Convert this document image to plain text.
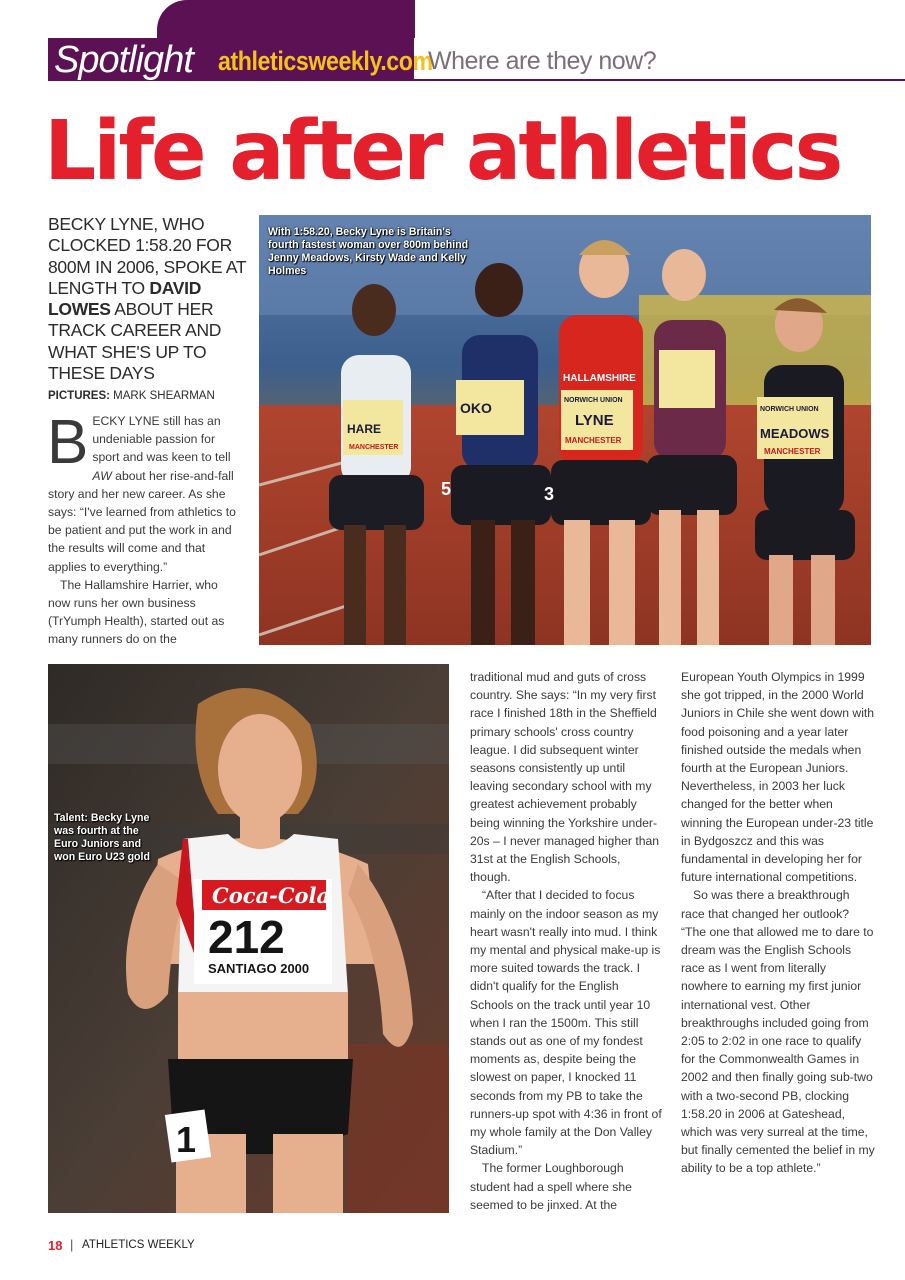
Spotlight athleticsweekly.com
Where are they now?
Life after athletics
BECKY LYNE, WHO CLOCKED 1:58.20 FOR 800M IN 2006, SPOKE AT LENGTH TO DAVID LOWES ABOUT HER TRACK CAREER AND WHAT SHE'S UP TO THESE DAYS
PICTURES: MARK SHEARMAN

BECKY LYNE still has an undeniable passion for sport and was keen to tell AW about her rise-and-fall story and her new career. As she says: “I've learned from athletics to be patient and put the work in and the results will come and that applies to everything.”

The Hallamshire Harrier, who now runs her own business (TrYumph Health), started out as many runners do on the

HARE
MANCHESTER
OKO
5
HALLAMSHIRE
NORWICH UNION
LYNE
MANCHESTER
3
NORWICH UNION
MEADOWS
MANCHESTER
With 1:58.20, Becky Lyne is Britain's fourth fastest woman over 800m behind Jenny Meadows, Kirsty Wade and Kelly Holmes
Coca-Cola
212
SANTIAGO 2000
1
Talent: Becky Lyne was fourth at the Euro Juniors and won Euro U23 gold

traditional mud and guts of cross country. She says: “In my very first race I finished 18th in the Sheffield primary schools' cross country league. I did subsequent winter seasons consistently up until leaving secondary school with my greatest achievement probably being winning the Yorkshire under-20s – I never managed higher than 31st at the English Schools, though.

“After that I decided to focus mainly on the indoor season as my heart wasn't really into mud. I think my mental and physical make-up is more suited towards the track. I didn't qualify for the English Schools on the track until year 10 when I ran the 1500m. This still stands out as one of my fondest moments as, despite being the slowest on paper, I knocked 11 seconds from my PB to take the runners-up spot with 4:36 in front of my whole family at the Don Valley Stadium.”

The former Loughborough student had a spell where she seemed to be jinxed. At the

European Youth Olympics in 1999 she got tripped, in the 2000 World Juniors in Chile she went down with food poisoning and a year later finished outside the medals when fourth at the European Juniors. Nevertheless, in 2003 her luck changed for the better when winning the European under-23 title in Bydgoszcz and this was fundamental in developing her for future international competitions.

So was there a breakthrough race that changed her outlook? “The one that allowed me to dare to dream was the English Schools race as I went from literally nowhere to earning my first junior international vest. Other breakthroughs included going from 2:05 to 2:02 in one race to qualify for the Commonwealth Games in 2002 and then finally going sub-two with a two-second PB, clocking 1:58.20 in 2006 at Gateshead, which was very surreal at the time, but finally cemented the belief in my ability to be a top athlete.”

18 | ATHLETICS WEEKLY
